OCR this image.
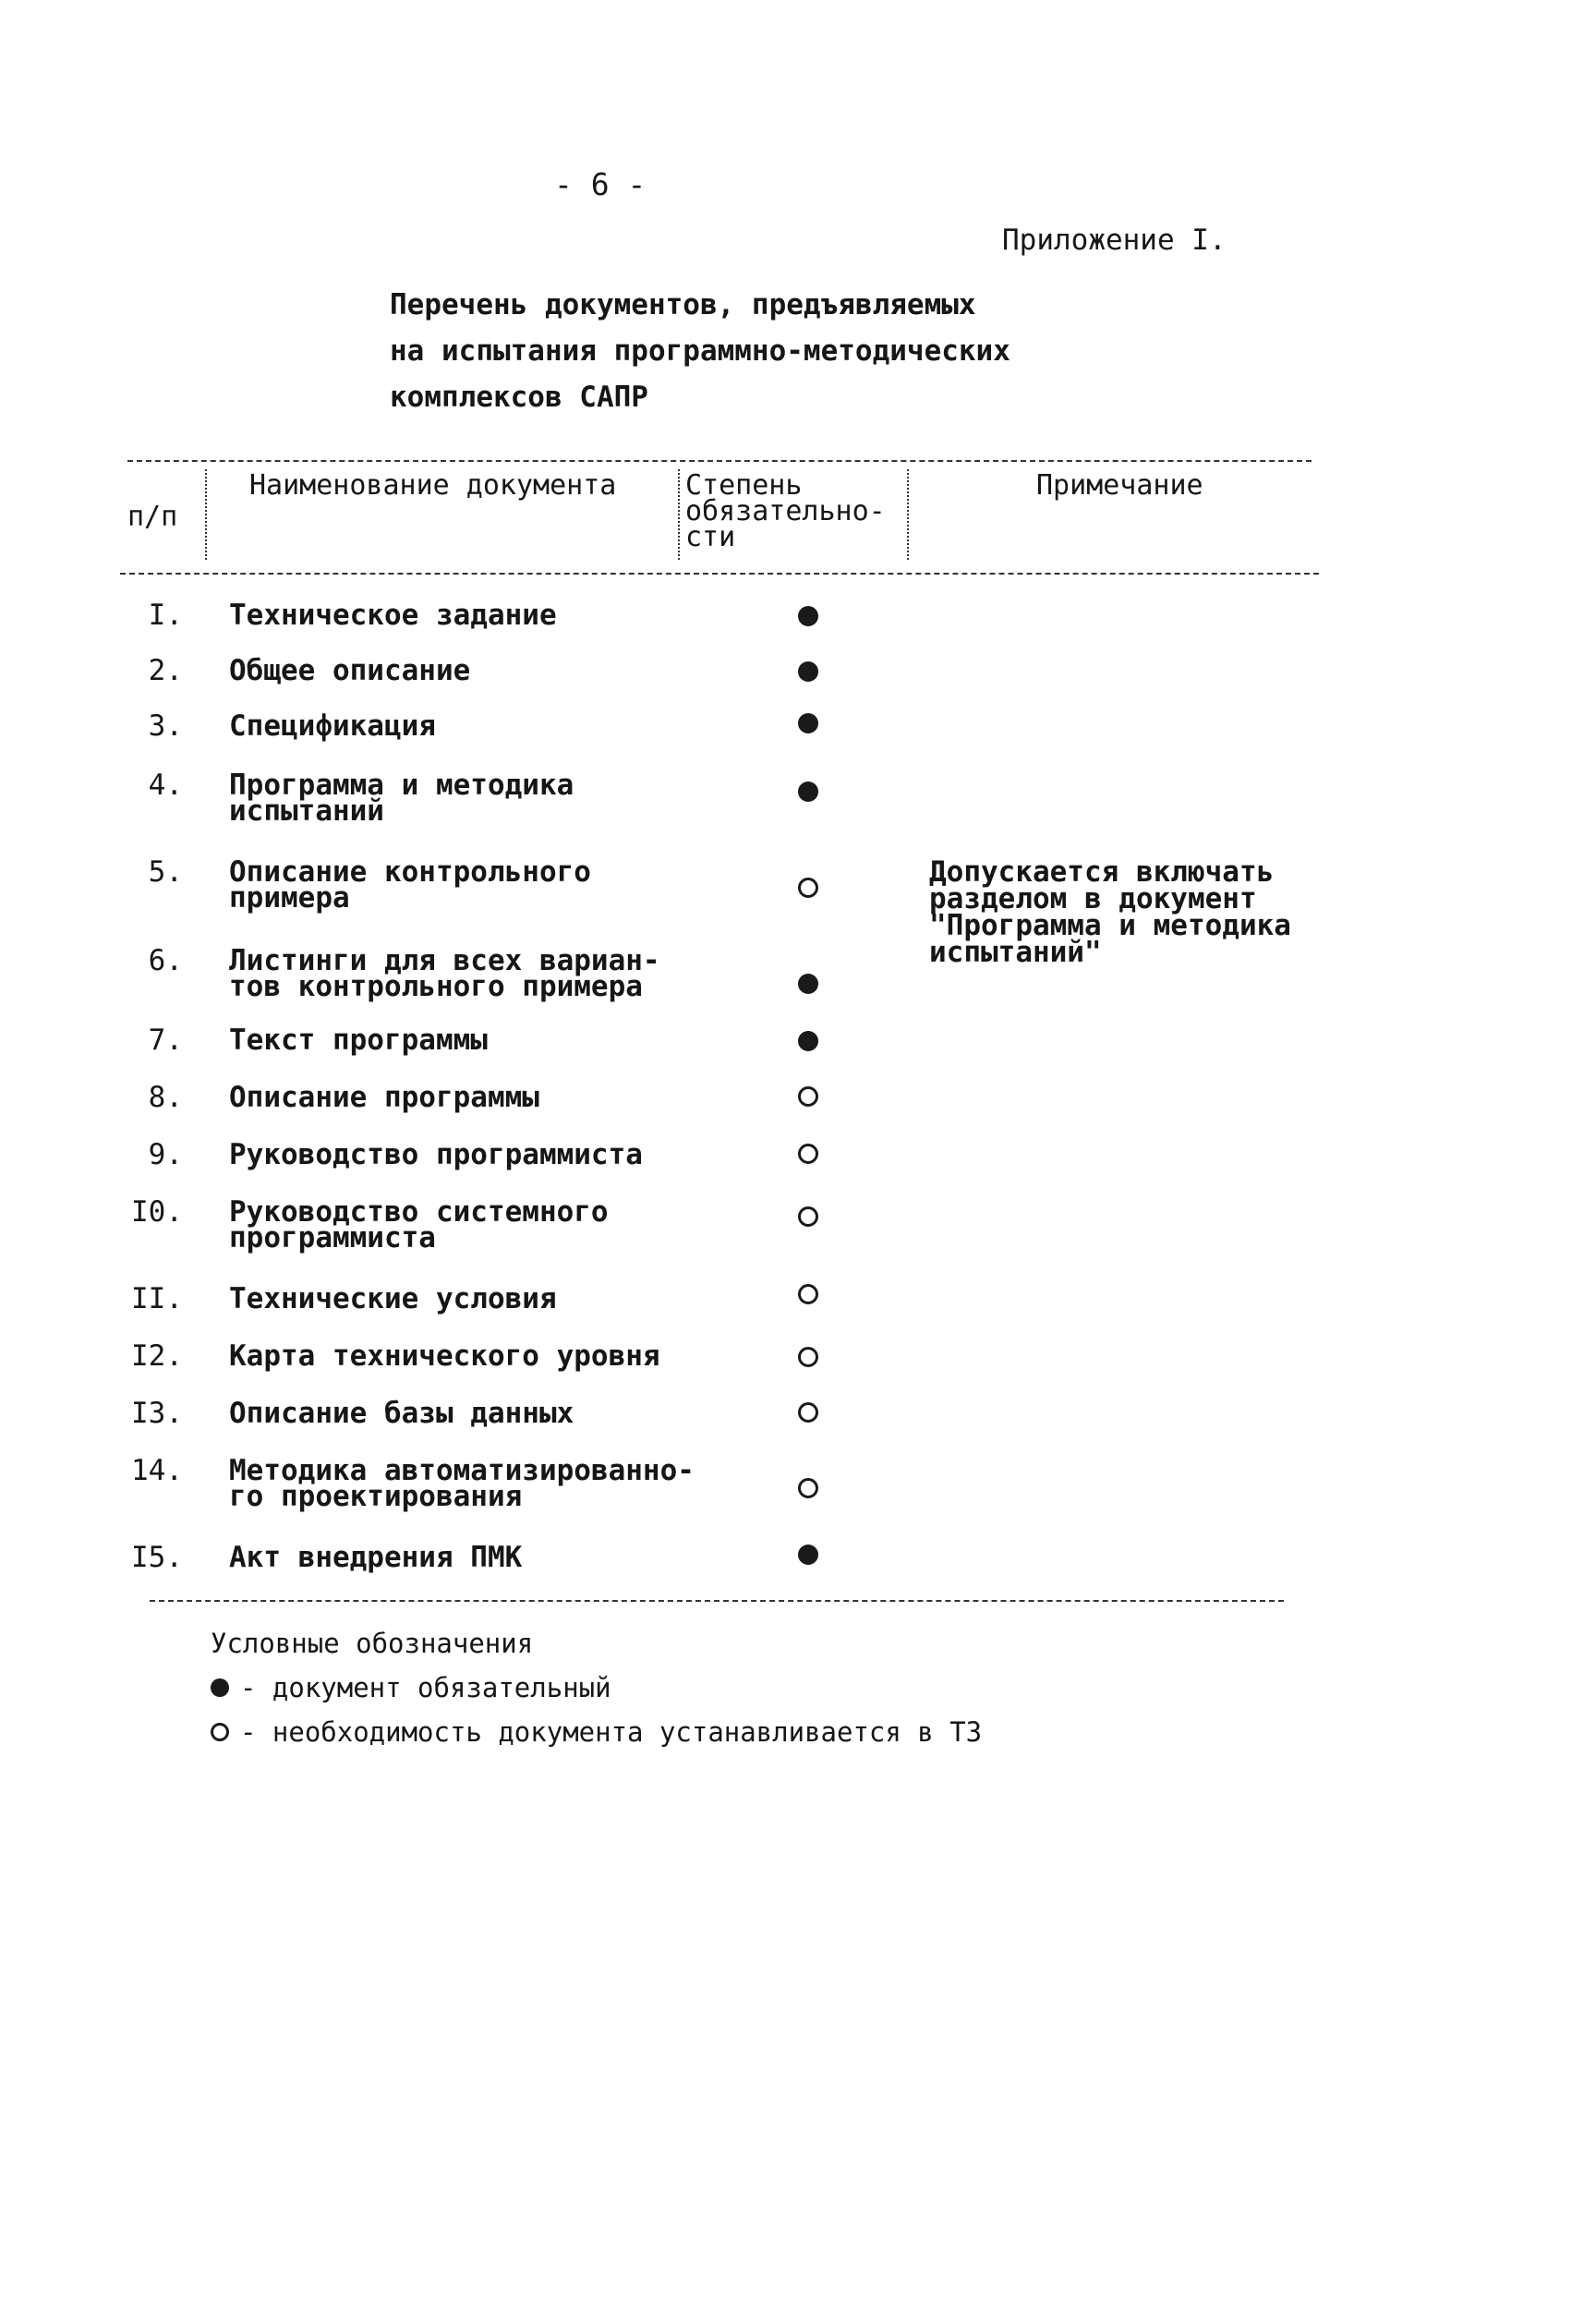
- 6 -
Приложение I.
Перечень документов, предъявляемых
на испытания программно-методических
комплексов САПР
п/п
Наименование документа Степень
обязательно-
сти
Примечание
I. Техническое задание
2. Общее описание
3. Спецификация
4. Программа и методика
испытаний
5. Описание контрольного
примера
6. Листинги для всех вариан-
тов контрольного примера
7. Текст программы
8. Описание программы
9. Руководство программиста
I0. Руководство системного
программиста
II. Технические условия
I2. Карта технического уровня
I3. Описание базы данных
14. Методика автоматизированно-
го проектирования
I5. Акт внедрения ПМК
Допускается включать
разделом в документ
"Программа и методика
испытаний"
Условные обозначения
- документ обязательный
- необходимость документа устанавливается в ТЗ
